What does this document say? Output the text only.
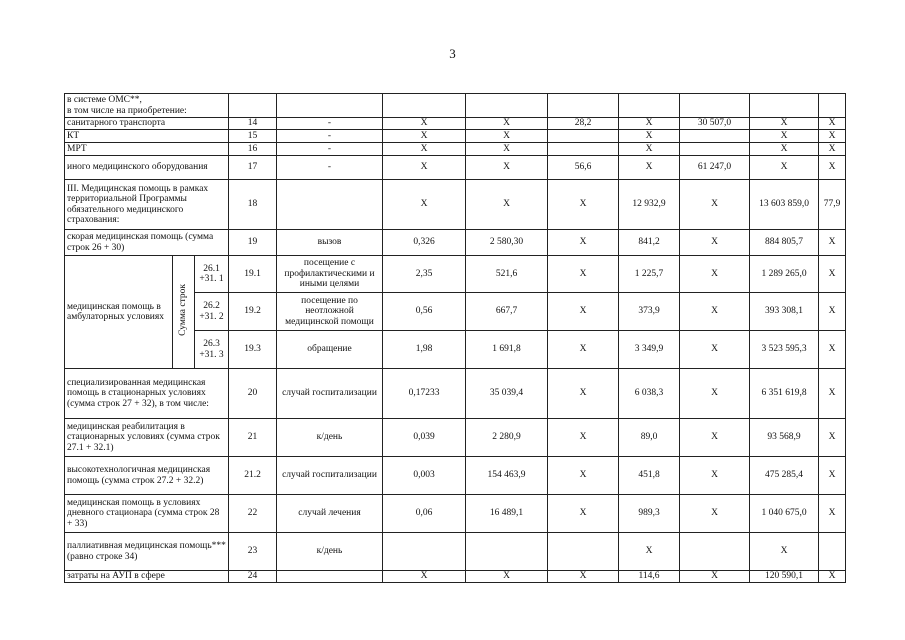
3
в системе ОМС**,
в том числе на приобретение:											
санитарного транспорта			14	-	Х	Х	28,2	Х	30 507,0	Х	Х
КТ			15	-	Х	Х		Х		Х	Х
МРТ			16	-	Х	Х		Х		Х	Х
иного медицинского оборудования			17	-	Х	Х	56,6	Х	61 247,0	Х	Х
III. Медицинская помощь в рамках территориальной Программы обязательного медицинского страхования:			18		Х	Х	Х	12 932,9	Х	13 603 859,0	77,9
скорая медицинская помощь (сумма строк 26 + 30)			19	вызов	0,326	2 580,30	Х	841,2	Х	884 805,7	Х
медицинская помощь в амбулаторных условиях	Сумма строк	26.1 +31. 1	19.1	посещение с профилактическими и иными целями	2,35	521,6	Х	1 225,7	Х	1 289 265,0	Х
		26.2 +31. 2	19.2	посещение по неотложной медицинской помощи	0,56	667,7	Х	373,9	Х	393 308,1	Х
		26.3 +31. 3	19.3	обращение	1,98	1 691,8	Х	3 349,9	Х	3 523 595,3	Х
специализированная медицинская помощь в стационарных условиях (сумма строк 27 + 32), в том числе:			20	случай госпитализации	0,17233	35 039,4	Х	6 038,3	Х	6 351 619,8	Х
медицинская реабилитация в стационарных условиях (сумма строк 27.1 + 32.1)			21	к/день	0,039	2 280,9	Х	89,0	Х	93 568,9	Х
высокотехнологичная медицинская помощь (сумма строк 27.2 + 32.2)			21.2	случай госпитализации	0,003	154 463,9	Х	451,8	Х	475 285,4	Х
медицинская помощь в условиях дневного стационара (сумма строк 28 + 33)			22	случай лечения	0,06	16 489,1	Х	989,3	Х	1 040 675,0	Х
паллиативная медицинская помощь*** (равно строке 34)			23	к/день				Х		Х	
затраты на АУП в сфере			24		Х	Х	Х	114,6	Х	120 590,1	Х
